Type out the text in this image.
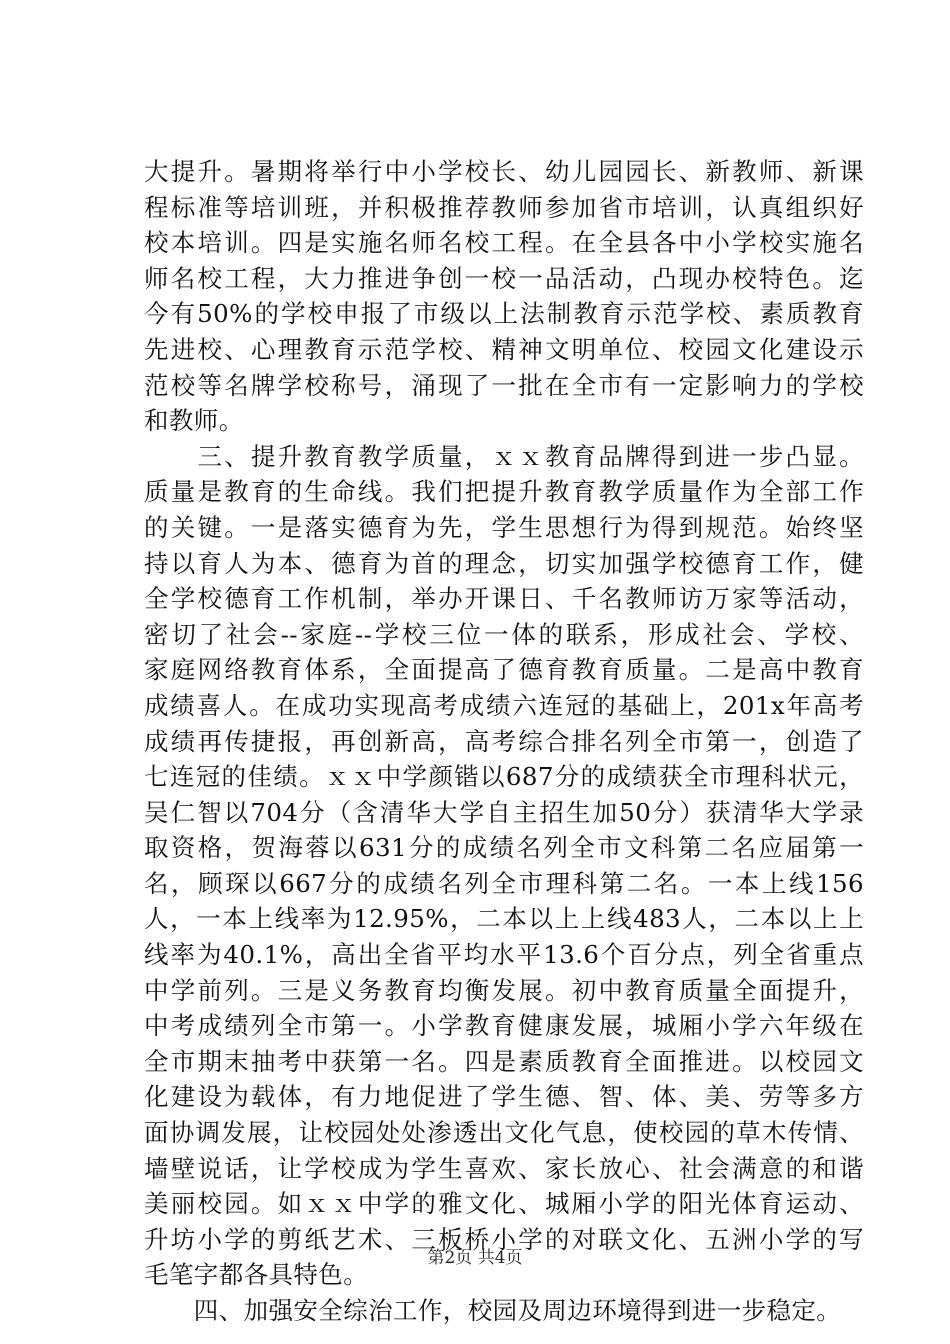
大提升。暑期将举行中小学校长、幼儿园园长、新教师、新课
程标准等培训班，并积极推荐教师参加省市培训，认真组织好
校本培训。四是实施名师名校工程。在全县各中小学校实施名
师名校工程，大力推进争创一校一品活动，凸现办校特色。迄
今有50%的学校申报了市级以上法制教育示范学校、素质教育
先进校、心理教育示范学校、精神文明单位、校园文化建设示
范校等名牌学校称号，涌现了一批在全市有一定影响力的学校
和教师。
　　三、提升教育教学质量，ｘｘ教育品牌得到进一步凸显。
质量是教育的生命线。我们把提升教育教学质量作为全部工作
的关键。一是落实德育为先，学生思想行为得到规范。始终坚
持以育人为本、德育为首的理念，切实加强学校德育工作，健
全学校德育工作机制，举办开课日、千名教师访万家等活动，
密切了社会--家庭--学校三位一体的联系，形成社会、学校、
家庭网络教育体系，全面提高了德育教育质量。二是高中教育
成绩喜人。在成功实现高考成绩六连冠的基础上，201x年高考
成绩再传捷报，再创新高，高考综合排名列全市第一，创造了
七连冠的佳绩。ｘｘ中学颜锴以687分的成绩获全市理科状元，
吴仁智以704分（含清华大学自主招生加50分）获清华大学录
取资格，贺海蓉以631分的成绩名列全市文科第二名应届第一
名，顾琛以667分的成绩名列全市理科第二名。一本上线156
人，一本上线率为12.95%，二本以上上线483人，二本以上上
线率为40.1%，高出全省平均水平13.6个百分点，列全省重点
中学前列。三是义务教育均衡发展。初中教育质量全面提升，
中考成绩列全市第一。小学教育健康发展，城厢小学六年级在
全市期末抽考中获第一名。四是素质教育全面推进。以校园文
化建设为载体，有力地促进了学生德、智、体、美、劳等多方
面协调发展，让校园处处渗透出文化气息，使校园的草木传情、
墙壁说话，让学校成为学生喜欢、家长放心、社会满意的和谐
美丽校园。如ｘｘ中学的雅文化、城厢小学的阳光体育运动、
升坊小学的剪纸艺术、三板桥小学的对联文化、五洲小学的写
毛笔字都各具特色。
　　四、加强安全综治工作，校园及周边环境得到进一步稳定。
第2页 共4页
